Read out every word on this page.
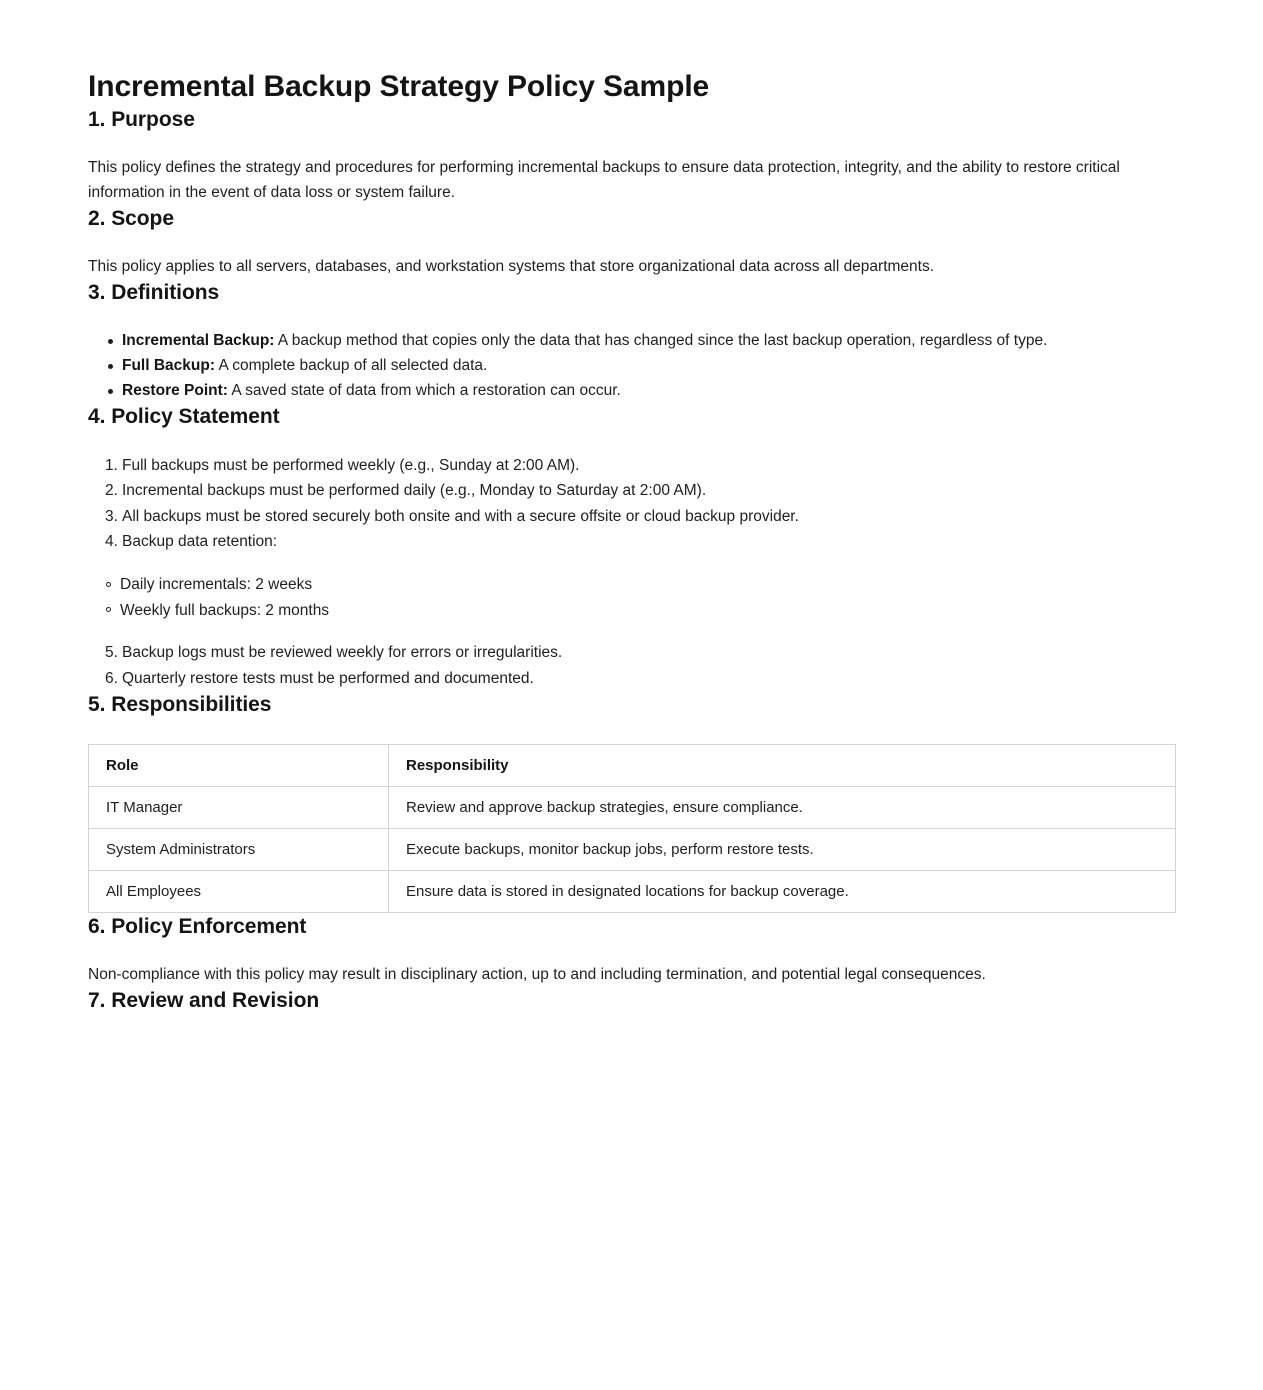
Incremental Backup Strategy Policy Sample
1. Purpose

This policy defines the strategy and procedures for performing incremental backups to ensure data protection, integrity, and the ability to restore critical information in the event of data loss or system failure.

2. Scope

This policy applies to all servers, databases, and workstation systems that store organizational data across all departments.

3. Definitions
Incremental Backup: A backup method that copies only the data that has changed since the last backup operation, regardless of type.
Full Backup: A complete backup of all selected data.
Restore Point: A saved state of data from which a restoration can occur.
4. Policy Statement
Full backups must be performed weekly (e.g., Sunday at 2:00 AM).
Incremental backups must be performed daily (e.g., Monday to Saturday at 2:00 AM).
All backups must be stored securely both onsite and with a secure offsite or cloud backup provider.
Backup data retention:
Daily incrementals: 2 weeks
Weekly full backups: 2 months
Backup logs must be reviewed weekly for errors or irregularities.
Quarterly restore tests must be performed and documented.
5. Responsibilities
Role	Responsibility
IT Manager	Review and approve backup strategies, ensure compliance.
System Administrators	Execute backups, monitor backup jobs, perform restore tests.
All Employees	Ensure data is stored in designated locations for backup coverage.
6. Policy Enforcement

Non-compliance with this policy may result in disciplinary action, up to and including termination, and potential legal consequences.

7. Review and Revision
